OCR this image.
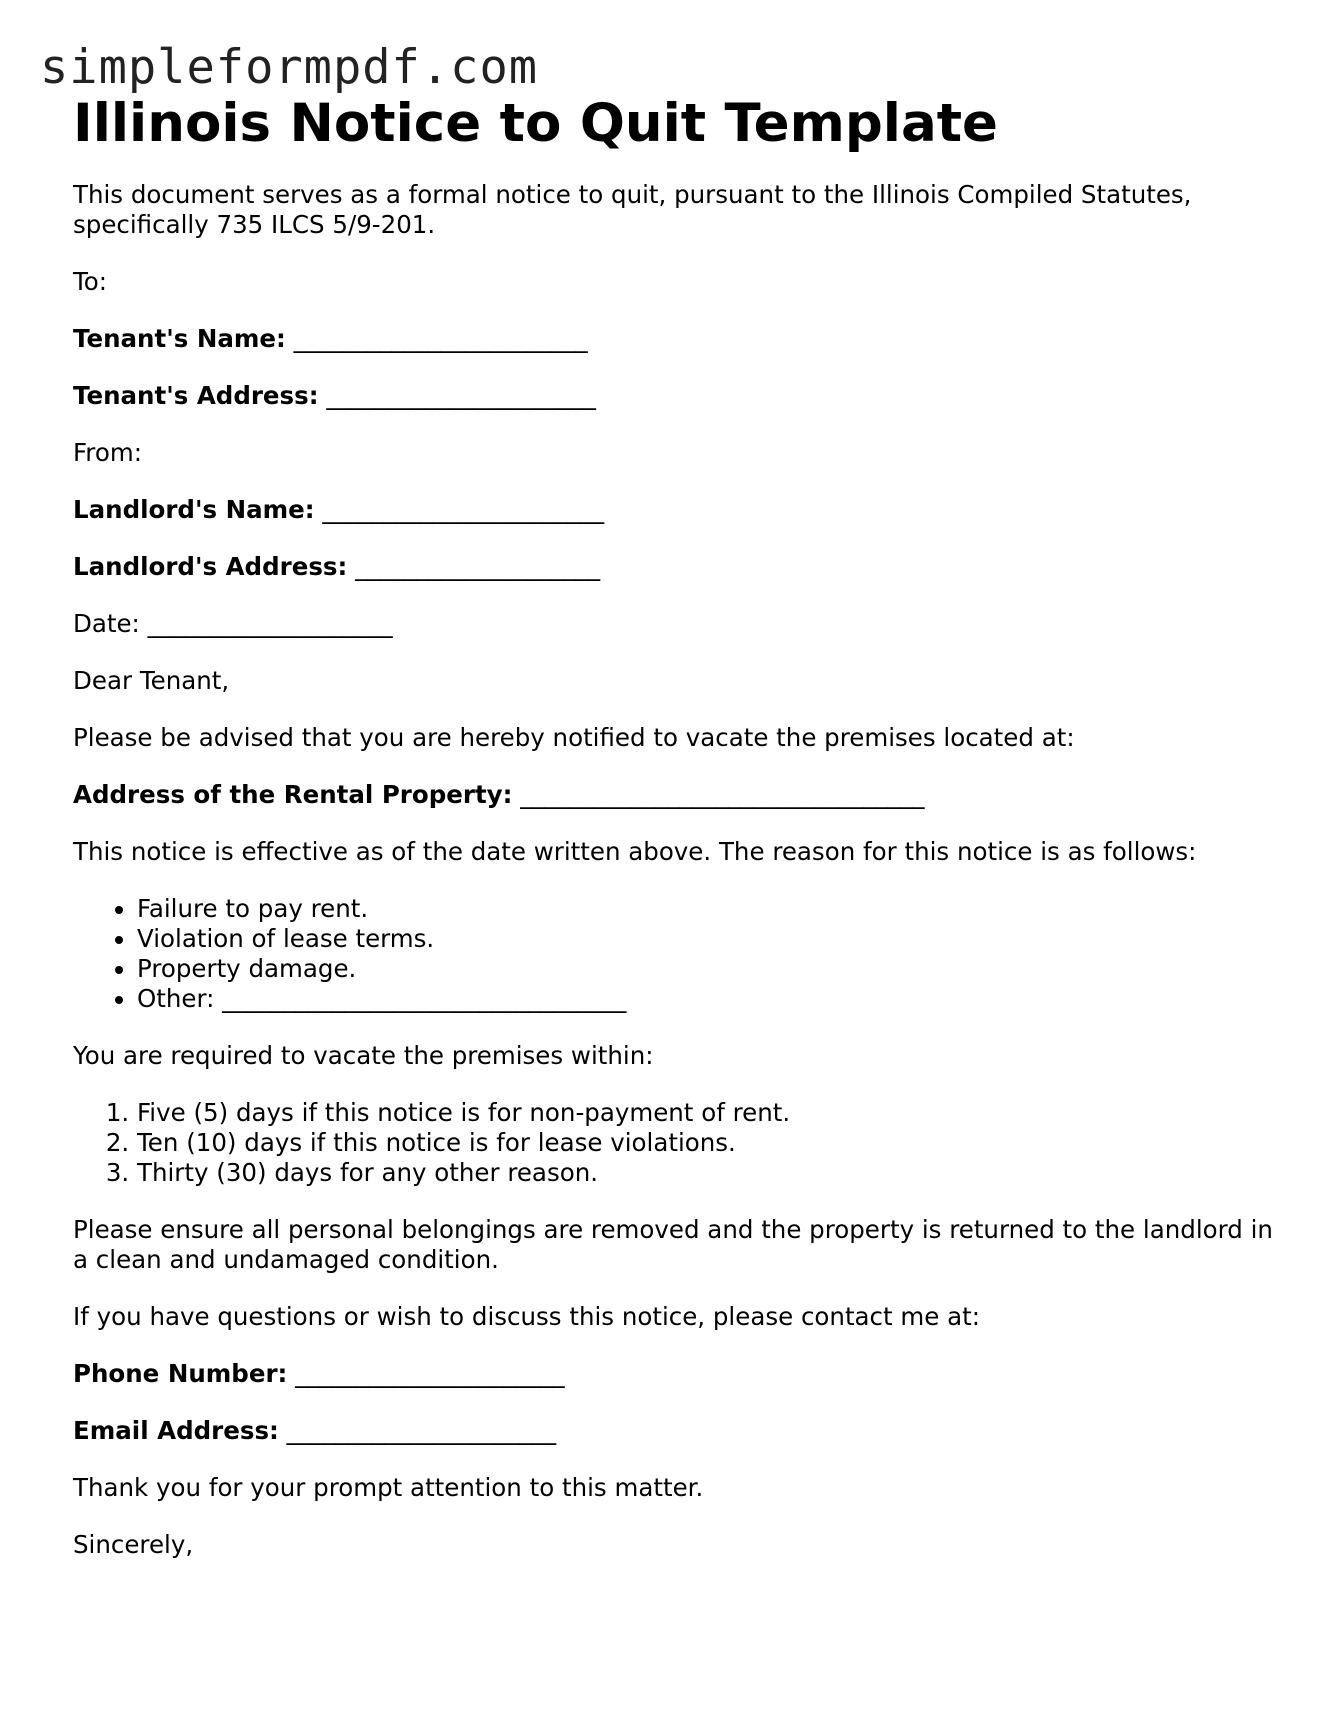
simpleformpdf.com
Illinois Notice to Quit Template

This document serves as a formal notice to quit, pursuant to the Illinois Compiled Statutes, specifically 735 ILCS 5/9-201.

To:

Tenant's Name: ________________________

Tenant's Address: ______________________

From:

Landlord's Name: _______________________

Landlord's Address: ____________________

Date: ____________________

Dear Tenant,

Please be advised that you are hereby notified to vacate the premises located at:

Address of the Rental Property: _________________________________

This notice is effective as of the date written above. The reason for this notice is as follows:

• Failure to pay rent.
• Violation of lease terms.
• Property damage.
• Other: _________________________________

You are required to vacate the premises within:

1. Five (5) days if this notice is for non-payment of rent.
2. Ten (10) days if this notice is for lease violations.
3. Thirty (30) days for any other reason.

Please ensure all personal belongings are removed and the property is returned to the landlord in a clean and undamaged condition.

If you have questions or wish to discuss this notice, please contact me at:

Phone Number: ______________________

Email Address: ______________________

Thank you for your prompt attention to this matter.

Sincerely,
